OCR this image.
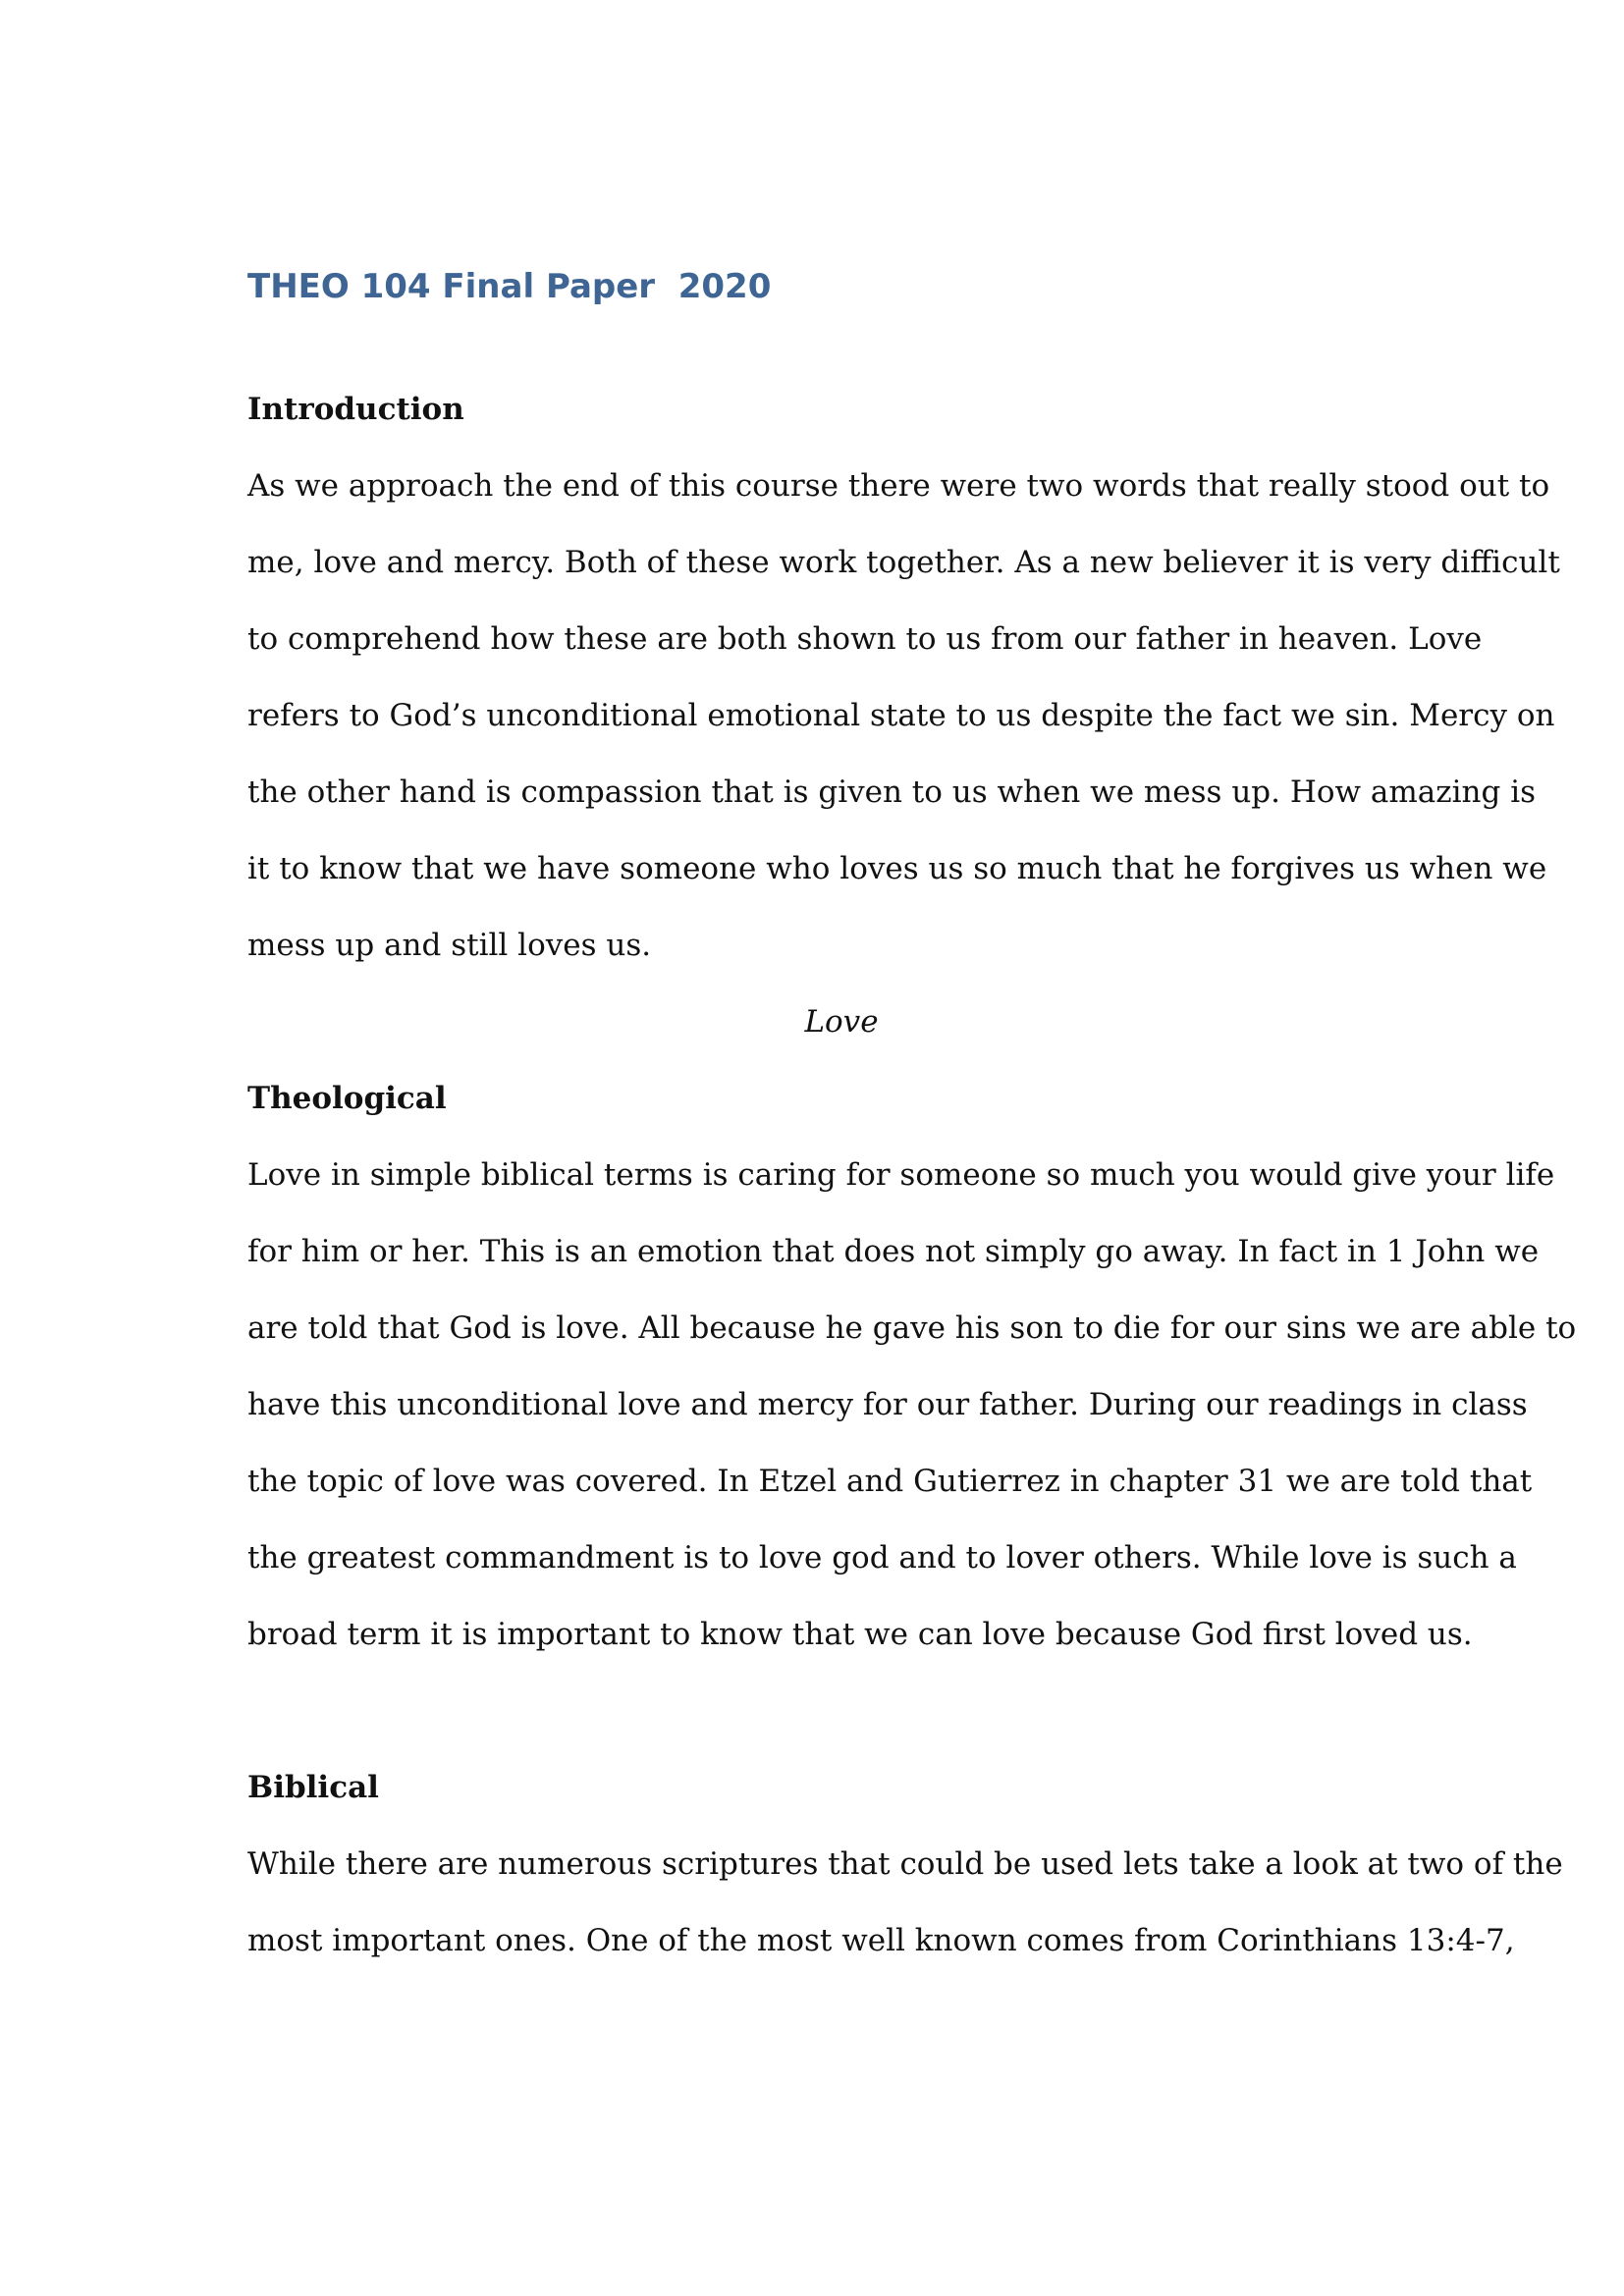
THEO 104 Final Paper  2020
Introduction

As we approach the end of this course there were two words that really stood out to

me, love and mercy. Both of these work together. As a new believer it is very difficult

to comprehend how these are both shown to us from our father in heaven. Love

refers to God’s unconditional emotional state to us despite the fact we sin. Mercy on

the other hand is compassion that is given to us when we mess up. How amazing is

it to know that we have someone who loves us so much that he forgives us when we

mess up and still loves us.

Love

Theological

Love in simple biblical terms is caring for someone so much you would give your life

for him or her. This is an emotion that does not simply go away. In fact in 1 John we

are told that God is love. All because he gave his son to die for our sins we are able to

have this unconditional love and mercy for our father. During our readings in class

the topic of love was covered. In Etzel and Gutierrez in chapter 31 we are told that

the greatest commandment is to love god and to lover others. While love is such a

broad term it is important to know that we can love because God first loved us.

Biblical

While there are numerous scriptures that could be used lets take a look at two of the

most important ones. One of the most well known comes from Corinthians 13:4-7,
